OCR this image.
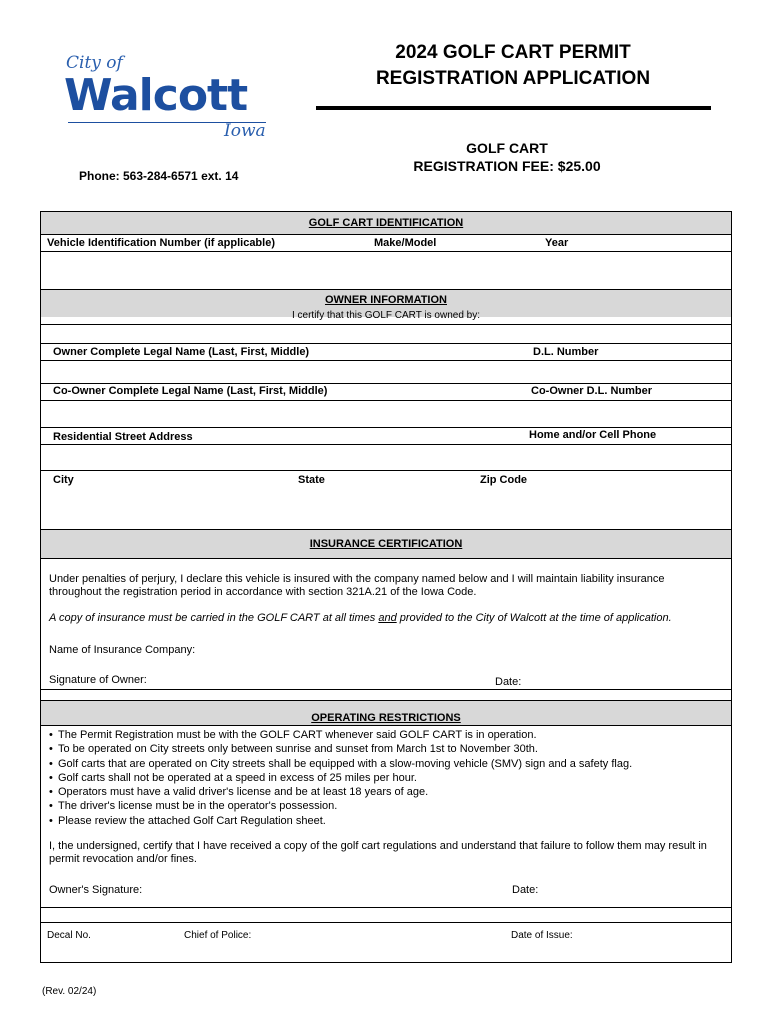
City of
Walcott
Iowa
Phone: 563-284-6571 ext. 14
2024 GOLF CART PERMIT
REGISTRATION APPLICATION
GOLF CART
REGISTRATION FEE: $25.00
GOLF CART IDENTIFICATION
Vehicle Identification Number (if applicable)	Make/Model	Year
OWNER INFORMATION
I certify that this GOLF CART is owned by:
Owner Complete Legal Name (Last, First, Middle)	D.L. Number
Co-Owner Complete Legal Name (Last, First, Middle)	Co-Owner D.L. Number
Residential Street Address	Home and/or Cell Phone
City	State	Zip Code
INSURANCE CERTIFICATION
Under penalties of perjury, I declare this vehicle is insured with the company named below and I will maintain liability insurance throughout the registration period in accordance with section 321A.21 of the Iowa Code.
A copy of insurance must be carried in the GOLF CART at all times and provided to the City of Walcott at the time of application.
Name of Insurance Company:
Signature of Owner:	Date:
OPERATING RESTRICTIONS
• The Permit Registration must be with the GOLF CART whenever said GOLF CART is in operation.
• To be operated on City streets only between sunrise and sunset from March 1st to November 30th.
• Golf carts that are operated on City streets shall be equipped with a slow-moving vehicle (SMV) sign and a safety flag.
• Golf carts shall not be operated at a speed in excess of 25 miles per hour.
• Operators must have a valid driver's license and be at least 18 years of age.
• The driver's license must be in the operator's possession.
• Please review the attached Golf Cart Regulation sheet.
I, the undersigned, certify that I have received a copy of the golf cart regulations and understand that failure to follow them may result in permit revocation and/or fines.
Owner's Signature:	Date:
Decal No.	Chief of Police:	Date of Issue:
(Rev. 02/24)
